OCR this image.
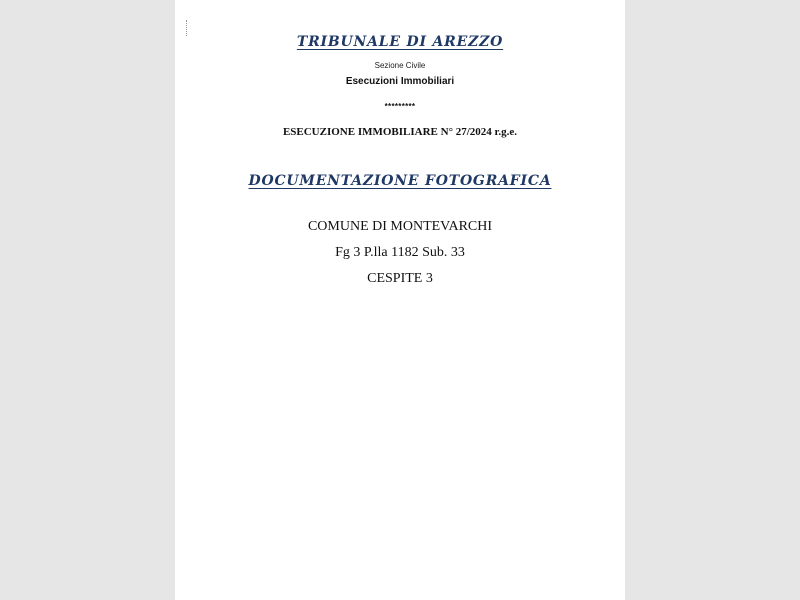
TRIBUNALE DI AREZZO
Sezione Civile
Esecuzioni Immobiliari
*********
ESECUZIONE IMMOBILIARE N° 27/2024 r.g.e.
DOCUMENTAZIONE FOTOGRAFICA
COMUNE DI MONTEVARCHI
Fg 3 P.lla 1182 Sub. 33
CESPITE 3
